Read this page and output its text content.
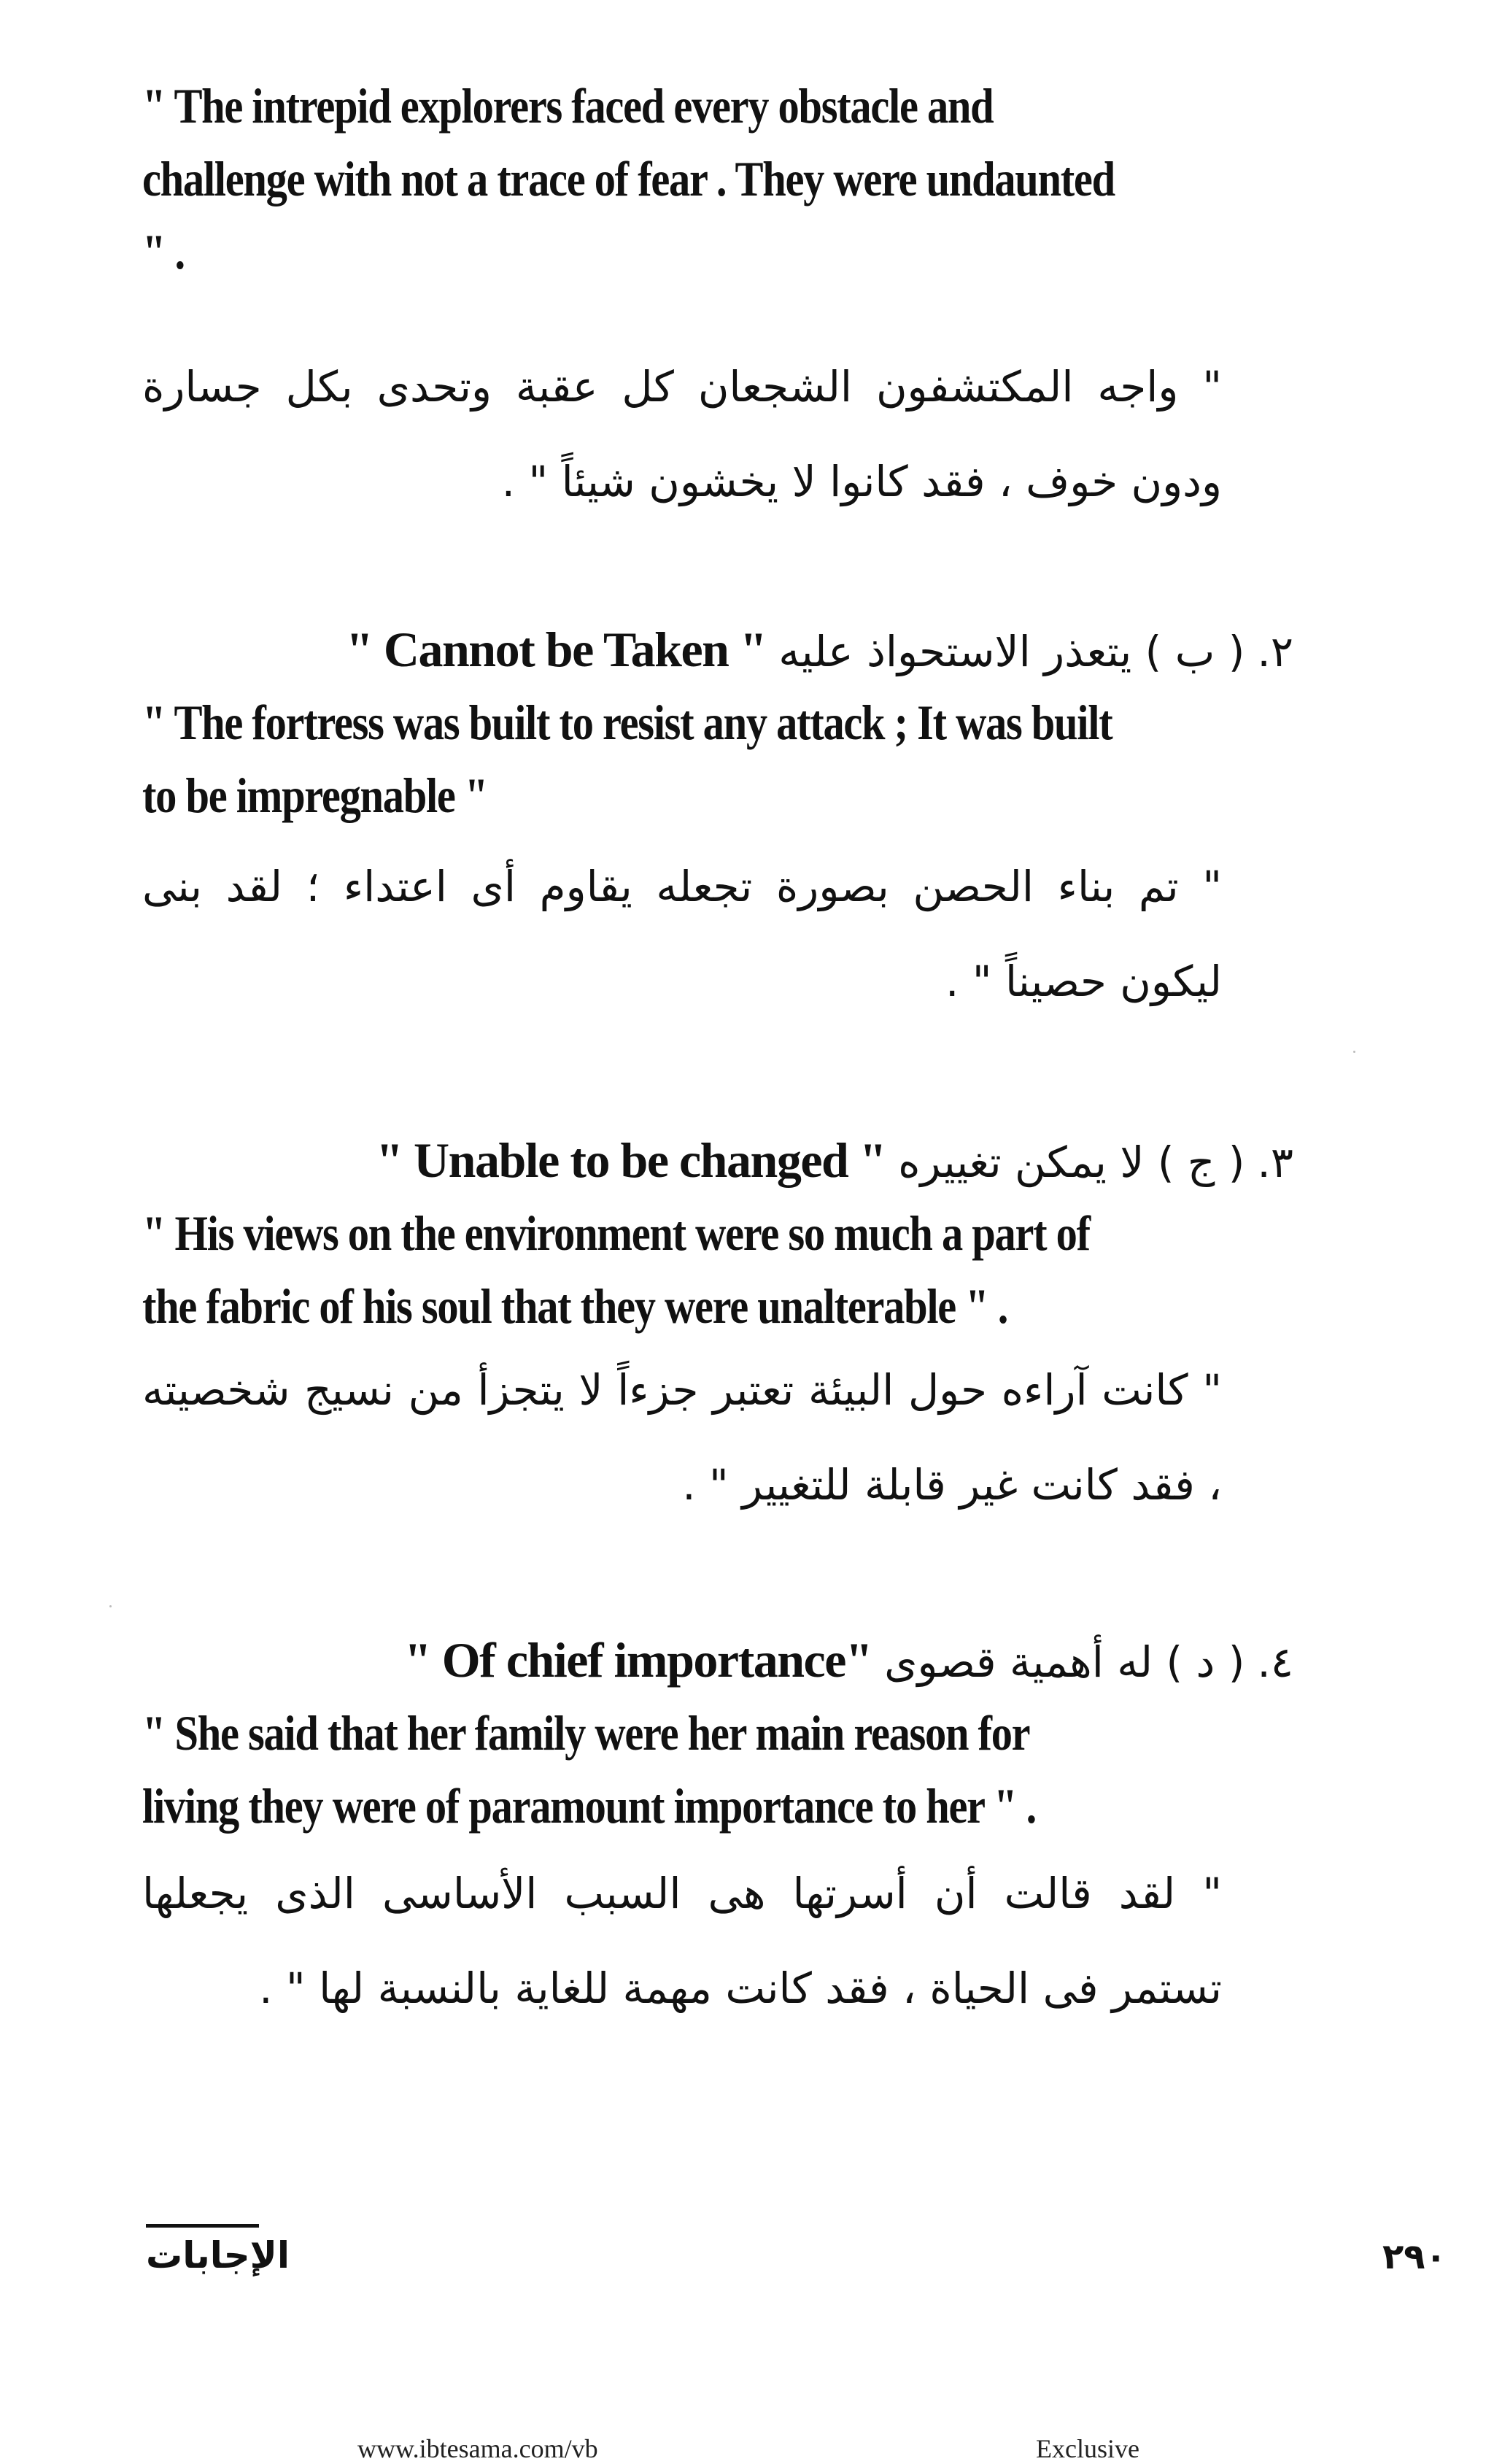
" The intrepid explorers faced every obstacle and challenge with not a trace of fear . They were undaunted " .

" واجه المكتشفون الشجعان كل عقبة وتحدى بكل جسارة ودون خوف ، فقد كانوا لا يخشون شيئاً " .

٢. ( ب ) يتعذر الاستحواذ عليه " Cannot be Taken "

" The fortress was built to resist any attack ; It was built to be impregnable "

" تم بناء الحصن بصورة تجعله يقاوم أى اعتداء ؛ لقد بنى ليكون حصيناً " .

٣. ( ج ) لا يمكن تغييره " Unable to be changed "

" His views on the environment were so much a part of the fabric of his soul that they were unalterable " .

" كانت آراءه حول البيئة تعتبر جزءاً لا يتجزأ من نسيج شخصيته ، فقد كانت غير قابلة للتغيير " .

٤. ( د ) له أهمية قصوى " Of chief importance"

" She said that her family were her main reason for living they were of paramount importance to her " .

" لقد قالت أن أسرتها هى السبب الأساسى الذى يجعلها تستمر فى الحياة ، فقد كانت مهمة للغاية بالنسبة لها " .

الإجابات	٢٩٠
www.ibtesama.com/vb	Exclusive
